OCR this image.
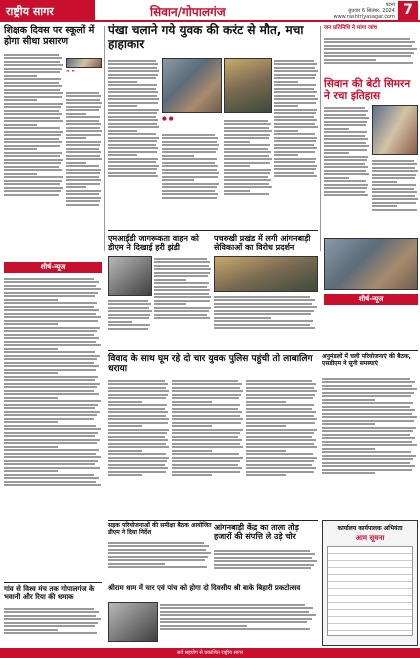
राष्ट्रीय सागर	सिवान/गोपालगंज	पटना
बुधवार 6 सितंबर, 2024
www.rashtriyasagar.com 7
शिक्षक दिवस पर स्कूलों में होगा सीधा प्रसारण
“ ”
पंखा चलाने गये युवक की करंट से मौत, मचा हाहाकार
● ●
जन प्रतिनिधि ने मांगा जांच
सिवान की बेटी सिमरन ने रचा इतिहास
एमआईडी जागरूकता वाहन को डीएम ने दिखाई हरी झंडी
पचरुखी प्रखंड में लगी आंगनबाड़ी सेविकाओं का विरोध प्रदर्शन
शीर्ष-न्यूज
शीर्ष-न्यूज
विवाद के साथ घूम रहे दो चार युवक पुलिस पहुंची तो लाबालिग धराया
अनुमंडलों में चली परियोजनाएं की बैठक, एसडीएम ने सुनी समस्याएं
गांव से विश्व मंच तक गोपालगंज के भवानी और रिया की धमाक
सड़क परियोजनाओं की समीक्षा बैठक आयोजित डीएम ने दिया निर्देश
आंगनबाड़ी केंद्र का ताला तोड़ हजारों की संपत्ति ले उड़े चोर
श्रीराम धाम में चार एवं पांच को होगा दो दिवसीय श्री बाके बिहारी प्रकटोत्सव
कार्यालय कार्यपालक अभियंता
आम सूचना
सर्व सहयोग से प्रकाशित राष्ट्रीय सागर
